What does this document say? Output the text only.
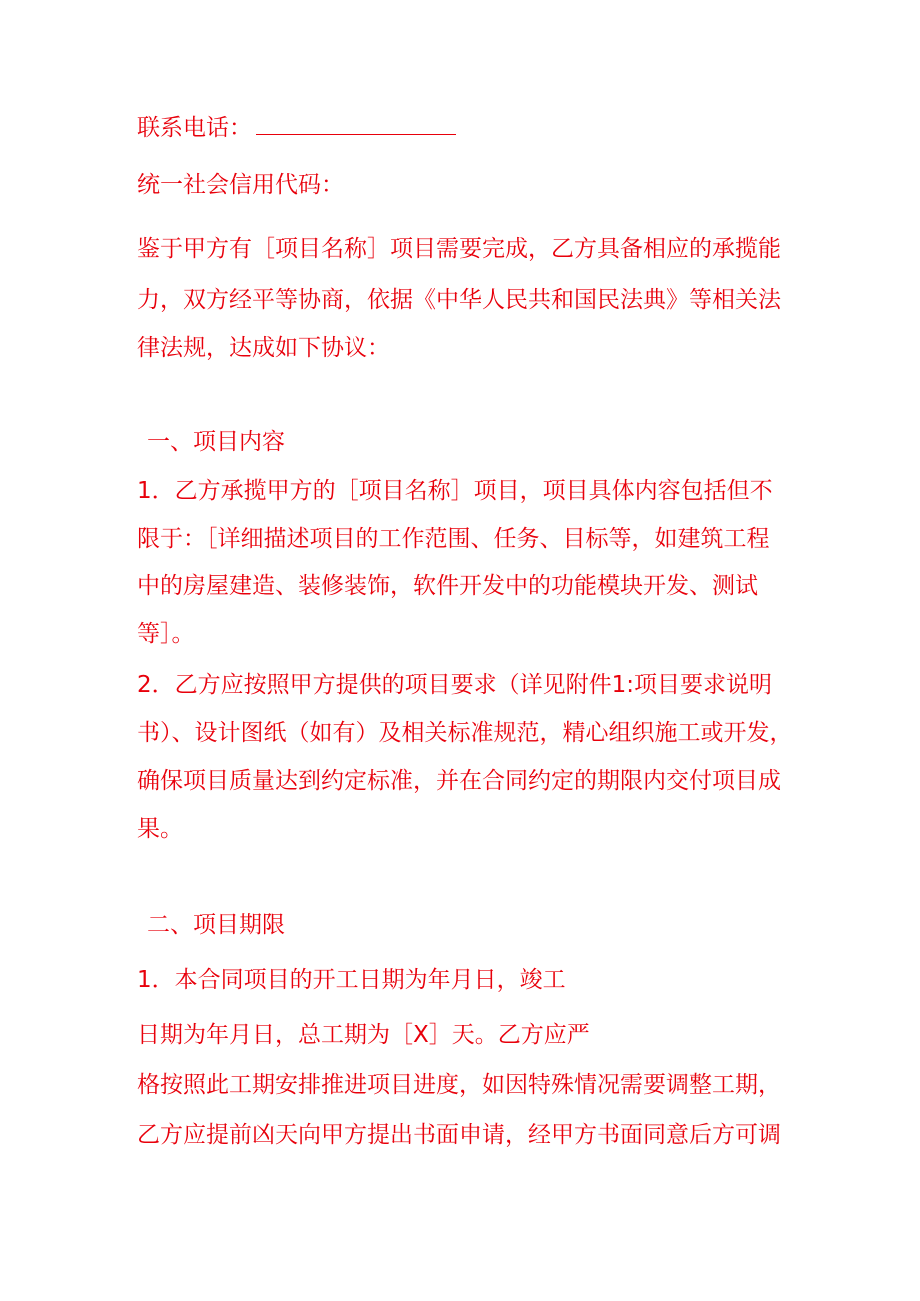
联系电话：
统一社会信用代码：
鉴于甲方有［项目名称］项目需要完成，乙方具备相应的承揽能
力，双方经平等协商，依据《中华人民共和国民法典》等相关法
律法规，达成如下协议：
一、项目内容
1．乙方承揽甲方的［项目名称］项目，项目具体内容包括但不
限于：［详细描述项目的工作范围、任务、目标等，如建筑工程
中的房屋建造、装修装饰，软件开发中的功能模块开发、测试
等］。
2．乙方应按照甲方提供的项目要求（详见附件1:项目要求说明
书）、设计图纸（如有）及相关标准规范，精心组织施工或开发，
确保项目质量达到约定标准，并在合同约定的期限内交付项目成
果。
二、项目期限
1．本合同项目的开工日期为年月日，竣工
日期为年月日，总工期为［X］天。乙方应严
格按照此工期安排推进项目进度，如因特殊情况需要调整工期，
乙方应提前凶天向甲方提出书面申请，经甲方书面同意后方可调
